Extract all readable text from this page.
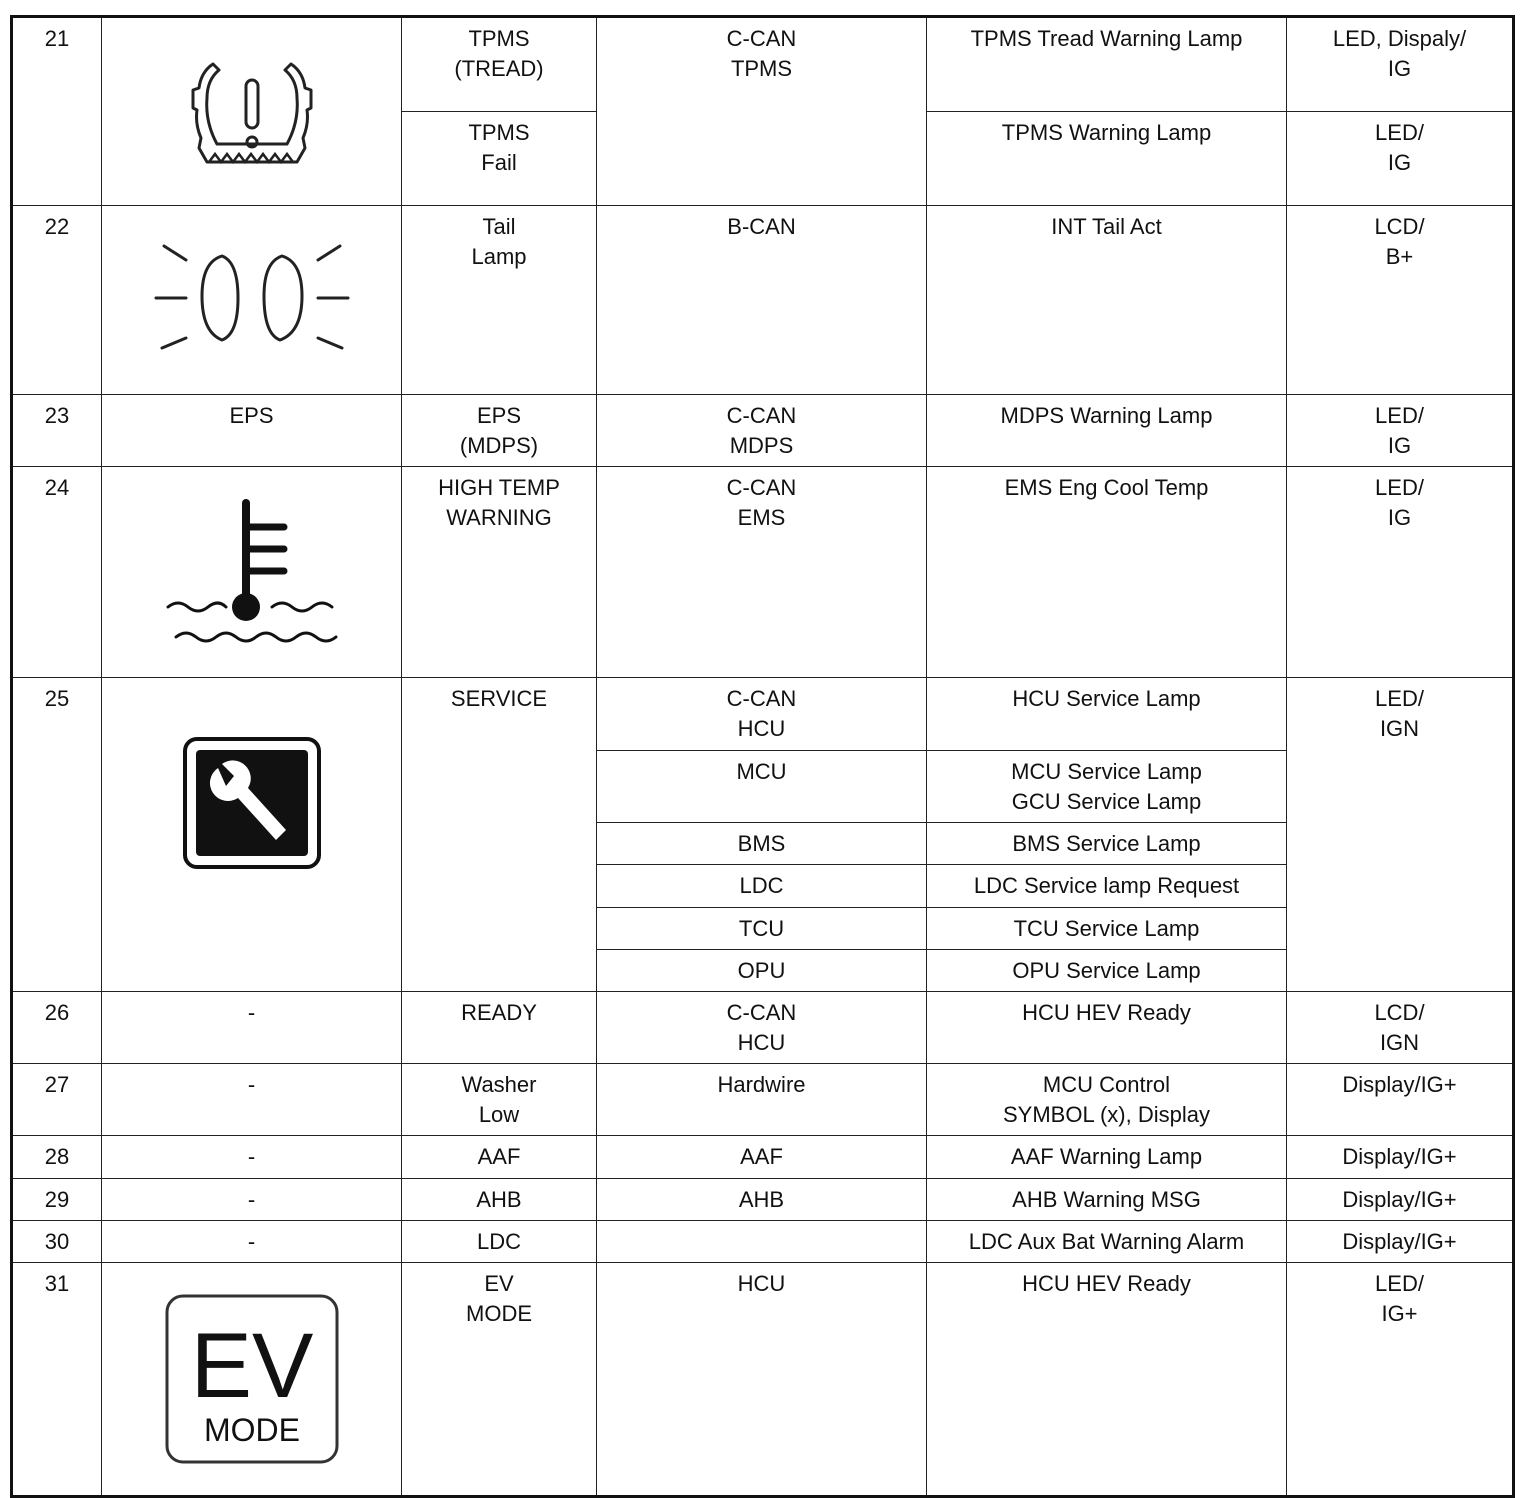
21		TPMS
(TREAD)	C-CAN
TPMS	TPMS Tread Warning Lamp	LED, Dispaly/
IG
		TPMS
Fail		TPMS Warning Lamp	LED/
IG
22		Tail
Lamp	B-CAN	INT Tail Act	LCD/
B+
23	EPS	EPS
(MDPS)	C-CAN
MDPS	MDPS Warning Lamp	LED/
IG
24		HIGH TEMP
WARNING	C-CAN
EMS	EMS Eng Cool Temp	LED/
IG
25		SERVICE	C-CAN
HCU	HCU Service Lamp	LED/
IGN
			MCU	MCU Service Lamp
GCU Service Lamp	
			BMS	BMS Service Lamp	
			LDC	LDC Service lamp Request	
			TCU	TCU Service Lamp	
			OPU	OPU Service Lamp	
26	-	READY	C-CAN
HCU	HCU HEV Ready	LCD/
IGN
27	-	Washer
Low	Hardwire	MCU Control
SYMBOL (x), Display	Display/IG+
28	-	AAF	AAF	AAF Warning Lamp	Display/IG+
29	-	AHB	AHB	AHB Warning MSG	Display/IG+
30	-	LDC		LDC Aux Bat Warning Alarm	Display/IG+
31	EV
MODE	EV
MODE	HCU	HCU HEV Ready	LED/
IG+
